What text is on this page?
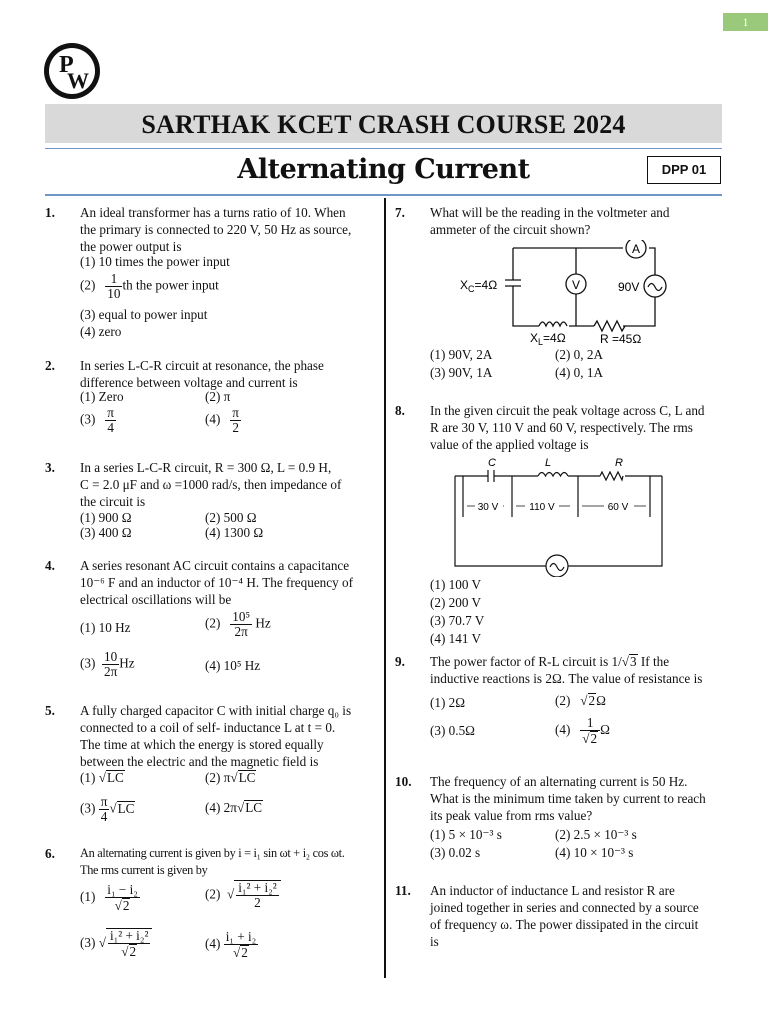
1
P
W
SARTHAK KCET CRASH COURSE 2024
Alternating Current	DPP 01
1. An ideal transformer has a turns ratio of 10. When
the primary is connected to 220 V, 50 Hz as source,
the power output is
(1) 10 times the power input
$(2) \frac{1}{10}$ th the power input
(3) equal to power input
(4) zero
2. In series L-C-R circuit at resonance, the phase
difference between voltage and current is
(1) Zero	(2) π
$(3) \frac{\pi}{4}$	$(4) \frac{\pi}{2}$
3. In a series L-C-R circuit, R = 300 Ω, L = 0.9 H,
C = 2.0 μF and ω =1000 rad/s, then impedance of
the circuit is
(1) 900 Ω	(2) 500 Ω
(3) 400 Ω	(4) 1300 Ω
4. A series resonant AC circuit contains a capacitance
10⁻⁶ F and an inductor of 10⁻⁴ H. The frequency of
electrical oscillations will be
(1) 10 Hz	$(2) \frac{\text{10⁵}}{2\pi}$ Hz
$(3) \frac{10}{2\pi}$ Hz	(4) 10⁵ Hz
5. A fully charged capacitor C with initial charge q₀ is
connected to a coil of self- inductance L at t = 0.
The time at which the energy is stored equally
between the electric and the magnetic field is
(1) √LC	(2) π√LC
$(3) \frac{\pi}{4} √LC$	(4) 2π√LC
6. An alternating current is given by i = i₁ sin ωt + i₂ cos ωt.
The rms current is given by
$(1) \frac{\text{i₁ − i₂}}{√2}$	(2)  √ $\frac{\text{i₁² + i₂²}}{2}$
(3) √ $\frac{\text{i₁² + i₂²}}{√2}$	$(4) \frac{\text{i₁ + i₂}}{√2}$
7. What will be the reading in the voltmeter and
ammeter of the circuit shown?
A
V	90V
$X_C=4\Omega$
$X_L=4\Omega$	R =45Ω
(1) 90V, 2A	(2) 0, 2A
(3) 90V, 1A	(4) 0, 1A
8. In the given circuit the peak voltage across C, L and
R are 30 V, 110 V and 60 V, respectively. The rms
value of the applied voltage is
C	L	R
30 V	110 V	60 V
(1) 100 V
(2) 200 V
(3) 70.7 V
(4) 141 V
9. The power factor of R-L circuit is 1/√3 If the
inductive reactions is 2Ω. The value of resistance is
(1) 2Ω	(2)   √2Ω
(3) 0.5Ω	$(4) \frac{1}{√2}$ Ω
10. The frequency of an alternating current is 50 Hz.
What is the minimum time taken by current to reach
its peak value from rms value?
(1) 5 × 10⁻³ s	(2) 2.5 × 10⁻³ s
(3) 0.02 s	(4) 10 × 10⁻³ s
11. An inductor of inductance L and resistor R are
joined together in series and connected by a source
of frequency ω. The power dissipated in the circuit
is
